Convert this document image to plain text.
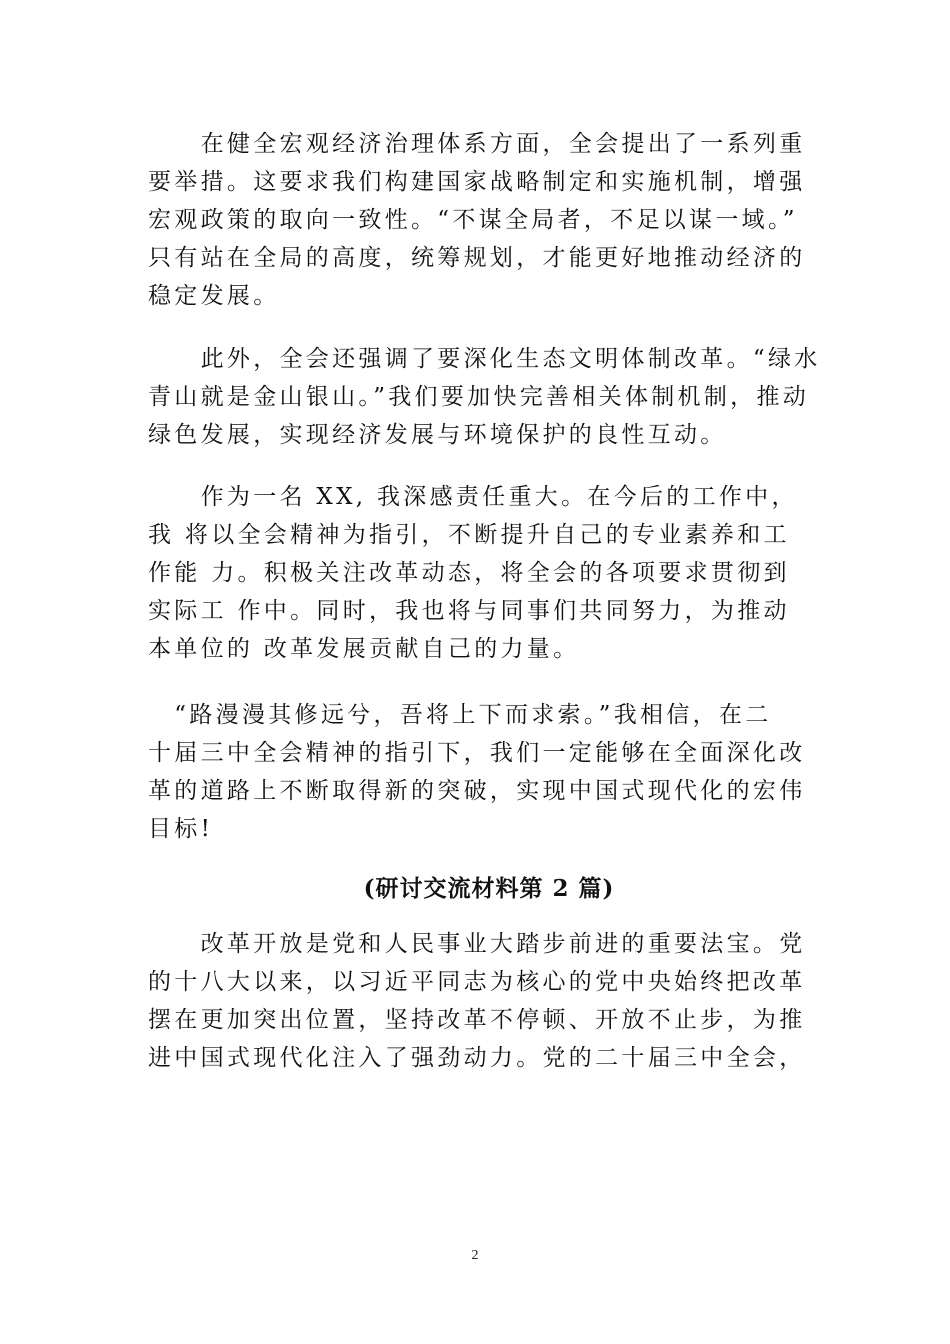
　　在健全宏观经济治理体系方面，全会提出了一系列重
要举措。这要求我们构建国家战略制定和实施机制，增强
宏观政策的取向一致性。“不谋全局者，不足以谋一域。”
只有站在全局的高度，统筹规划，才能更好地推动经济的
稳定发展。
　　此外，全会还强调了要深化生态文明体制改革。“绿水
青山就是金山银山。”我们要加快完善相关体制机制，推动
绿色发展，实现经济发展与环境保护的良性互动。
　　作为一名 XX, 我深感责任重大。在今后的工作中，
我 将以全会精神为指引，不断提升自己的专业素养和工
作能 力。积极关注改革动态，将全会的各项要求贯彻到
实际工 作中。同时，我也将与同事们共同努力，为推动
本单位的 改革发展贡献自己的力量。
　“路漫漫其修远兮，吾将上下而求索。”我相信，在二
十届三中全会精神的指引下，我们一定能够在全面深化改
革的道路上不断取得新的突破，实现中国式现代化的宏伟
目标!
(研讨交流材料第 2 篇)
　　改革开放是党和人民事业大踏步前进的重要法宝。党
的十八大以来，以习近平同志为核心的党中央始终把改革
摆在更加突出位置，坚持改革不停顿、开放不止步，为推
进中国式现代化注入了强劲动力。党的二十届三中全会，
2
